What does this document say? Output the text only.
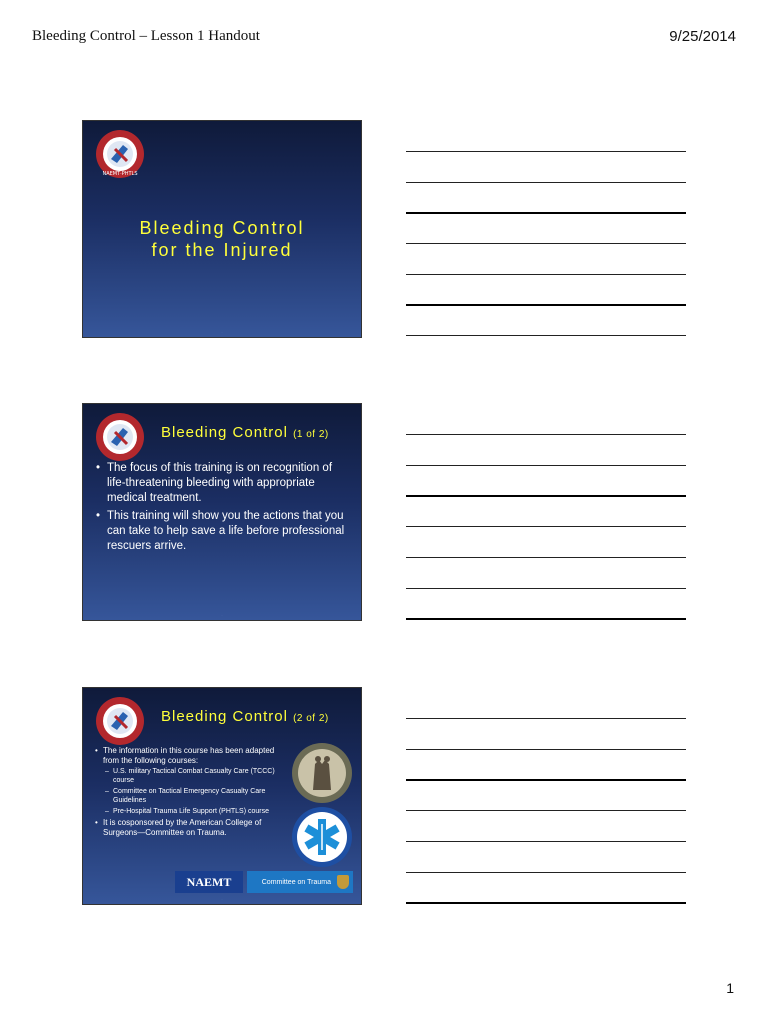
Bleeding Control – Lesson 1 Handout	9/25/2014
NAEMT·PHTLS
Bleeding Control
for the Injured
·
Bleeding Control (1 of 2)
• The focus of this training is on recognition of life-threatening bleeding with appropriate medical treatment.
• This training will show you the actions that you can take to help save a life before professional rescuers arrive.
·
Bleeding Control (2 of 2)
• The information in this course has been adapted from the following courses:
– U.S. military Tactical Combat Casualty Care (TCCC) course
– Committee on Tactical Emergency Casualty Care Guidelines
– Pre-Hospital Trauma Life Support (PHTLS) course
• It is cosponsored by the American College of Surgeons—Committee on Trauma.
NAEMT	Committee on Trauma
·
1
